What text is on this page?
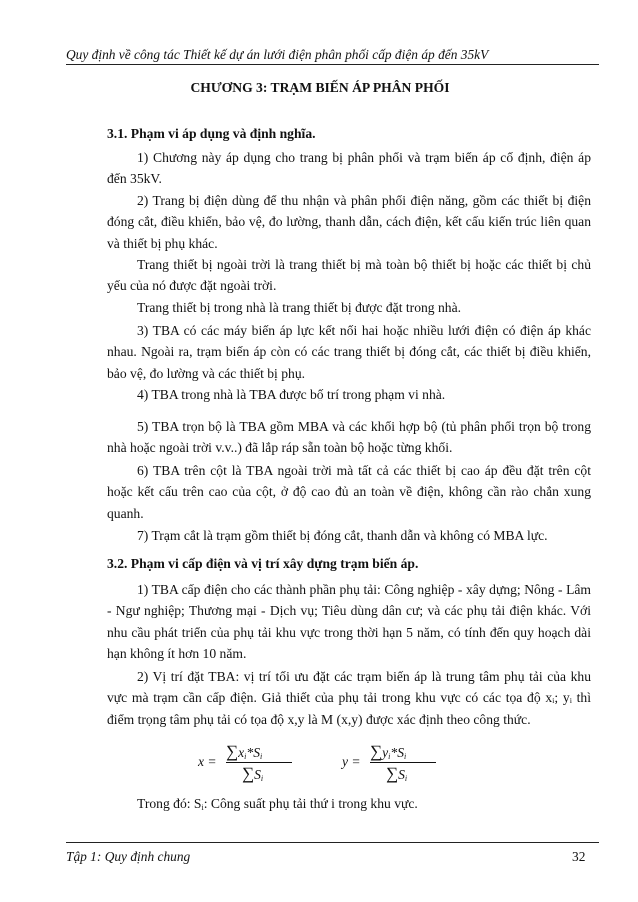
Quy định về công tác Thiết kế dự án lưới điện phân phối cấp điện áp đến 35kV
CHƯƠNG 3: TRẠM BIẾN ÁP PHÂN PHỐI
3.1. Phạm vi áp dụng và định nghĩa.

1) Chương này áp dụng cho trang bị phân phối và trạm biến áp cố định, điện áp đến 35kV.

2) Trang bị điện dùng để thu nhận và phân phối điện năng, gồm các thiết bị điện đóng cắt, điều khiển, bảo vệ, đo lường, thanh dẫn, cách điện, kết cấu kiến trúc liên quan và thiết bị phụ khác.

Trang thiết bị ngoài trời là trang thiết bị mà toàn bộ thiết bị hoặc các thiết bị chủ yếu của nó được đặt ngoài trời.

Trang thiết bị trong nhà là trang thiết bị được đặt trong nhà.

3) TBA có các máy biến áp lực kết nối hai hoặc nhiều lưới điện có điện áp khác nhau. Ngoài ra, trạm biến áp còn có các trang thiết bị đóng cắt, các thiết bị điều khiển, bảo vệ, đo lường và các thiết bị phụ.

4) TBA trong nhà là TBA được bố trí trong phạm vi nhà.

5) TBA trọn bộ là TBA gồm MBA và các khối hợp bộ (tủ phân phối trọn bộ trong nhà hoặc ngoài trời v.v..) đã lắp ráp sẵn toàn bộ hoặc từng khối.

6) TBA trên cột là TBA ngoài trời mà tất cả các thiết bị cao áp đều đặt trên cột hoặc kết cấu trên cao của cột, ở độ cao đủ an toàn về điện, không cần rào chắn xung quanh.

7) Trạm cắt là trạm gồm thiết bị đóng cắt, thanh dẫn và không có MBA lực.

3.2. Phạm vi cấp điện và vị trí xây dựng trạm biến áp.

1) TBA cấp điện cho các thành phần phụ tải: Công nghiệp - xây dựng; Nông - Lâm - Ngư nghiệp; Thương mại - Dịch vụ; Tiêu dùng dân cư; và các phụ tải điện khác. Với nhu cầu phát triển của phụ tải khu vực trong thời hạn 5 năm, có tính đến quy hoạch dài hạn không ít hơn 10 năm.

2) Vị trí đặt TBA: vị trí tối ưu đặt các trạm biến áp là trung tâm phụ tải của khu vực mà trạm cần cấp điện. Giả thiết của phụ tải trong khu vực có các tọa độ xᵢ; yᵢ thì điểm trọng tâm phụ tải có tọa độ x,y là M (x,y) được xác định theo công thức.

x =
$\sum x_i*S_i$
$\sum S_i$
y =
$\sum y_i*S_i$
$\sum S_i$

Trong đó: $S_i$: Công suất phụ tải thứ i trong khu vực.

Tập 1: Quy định chung	32
